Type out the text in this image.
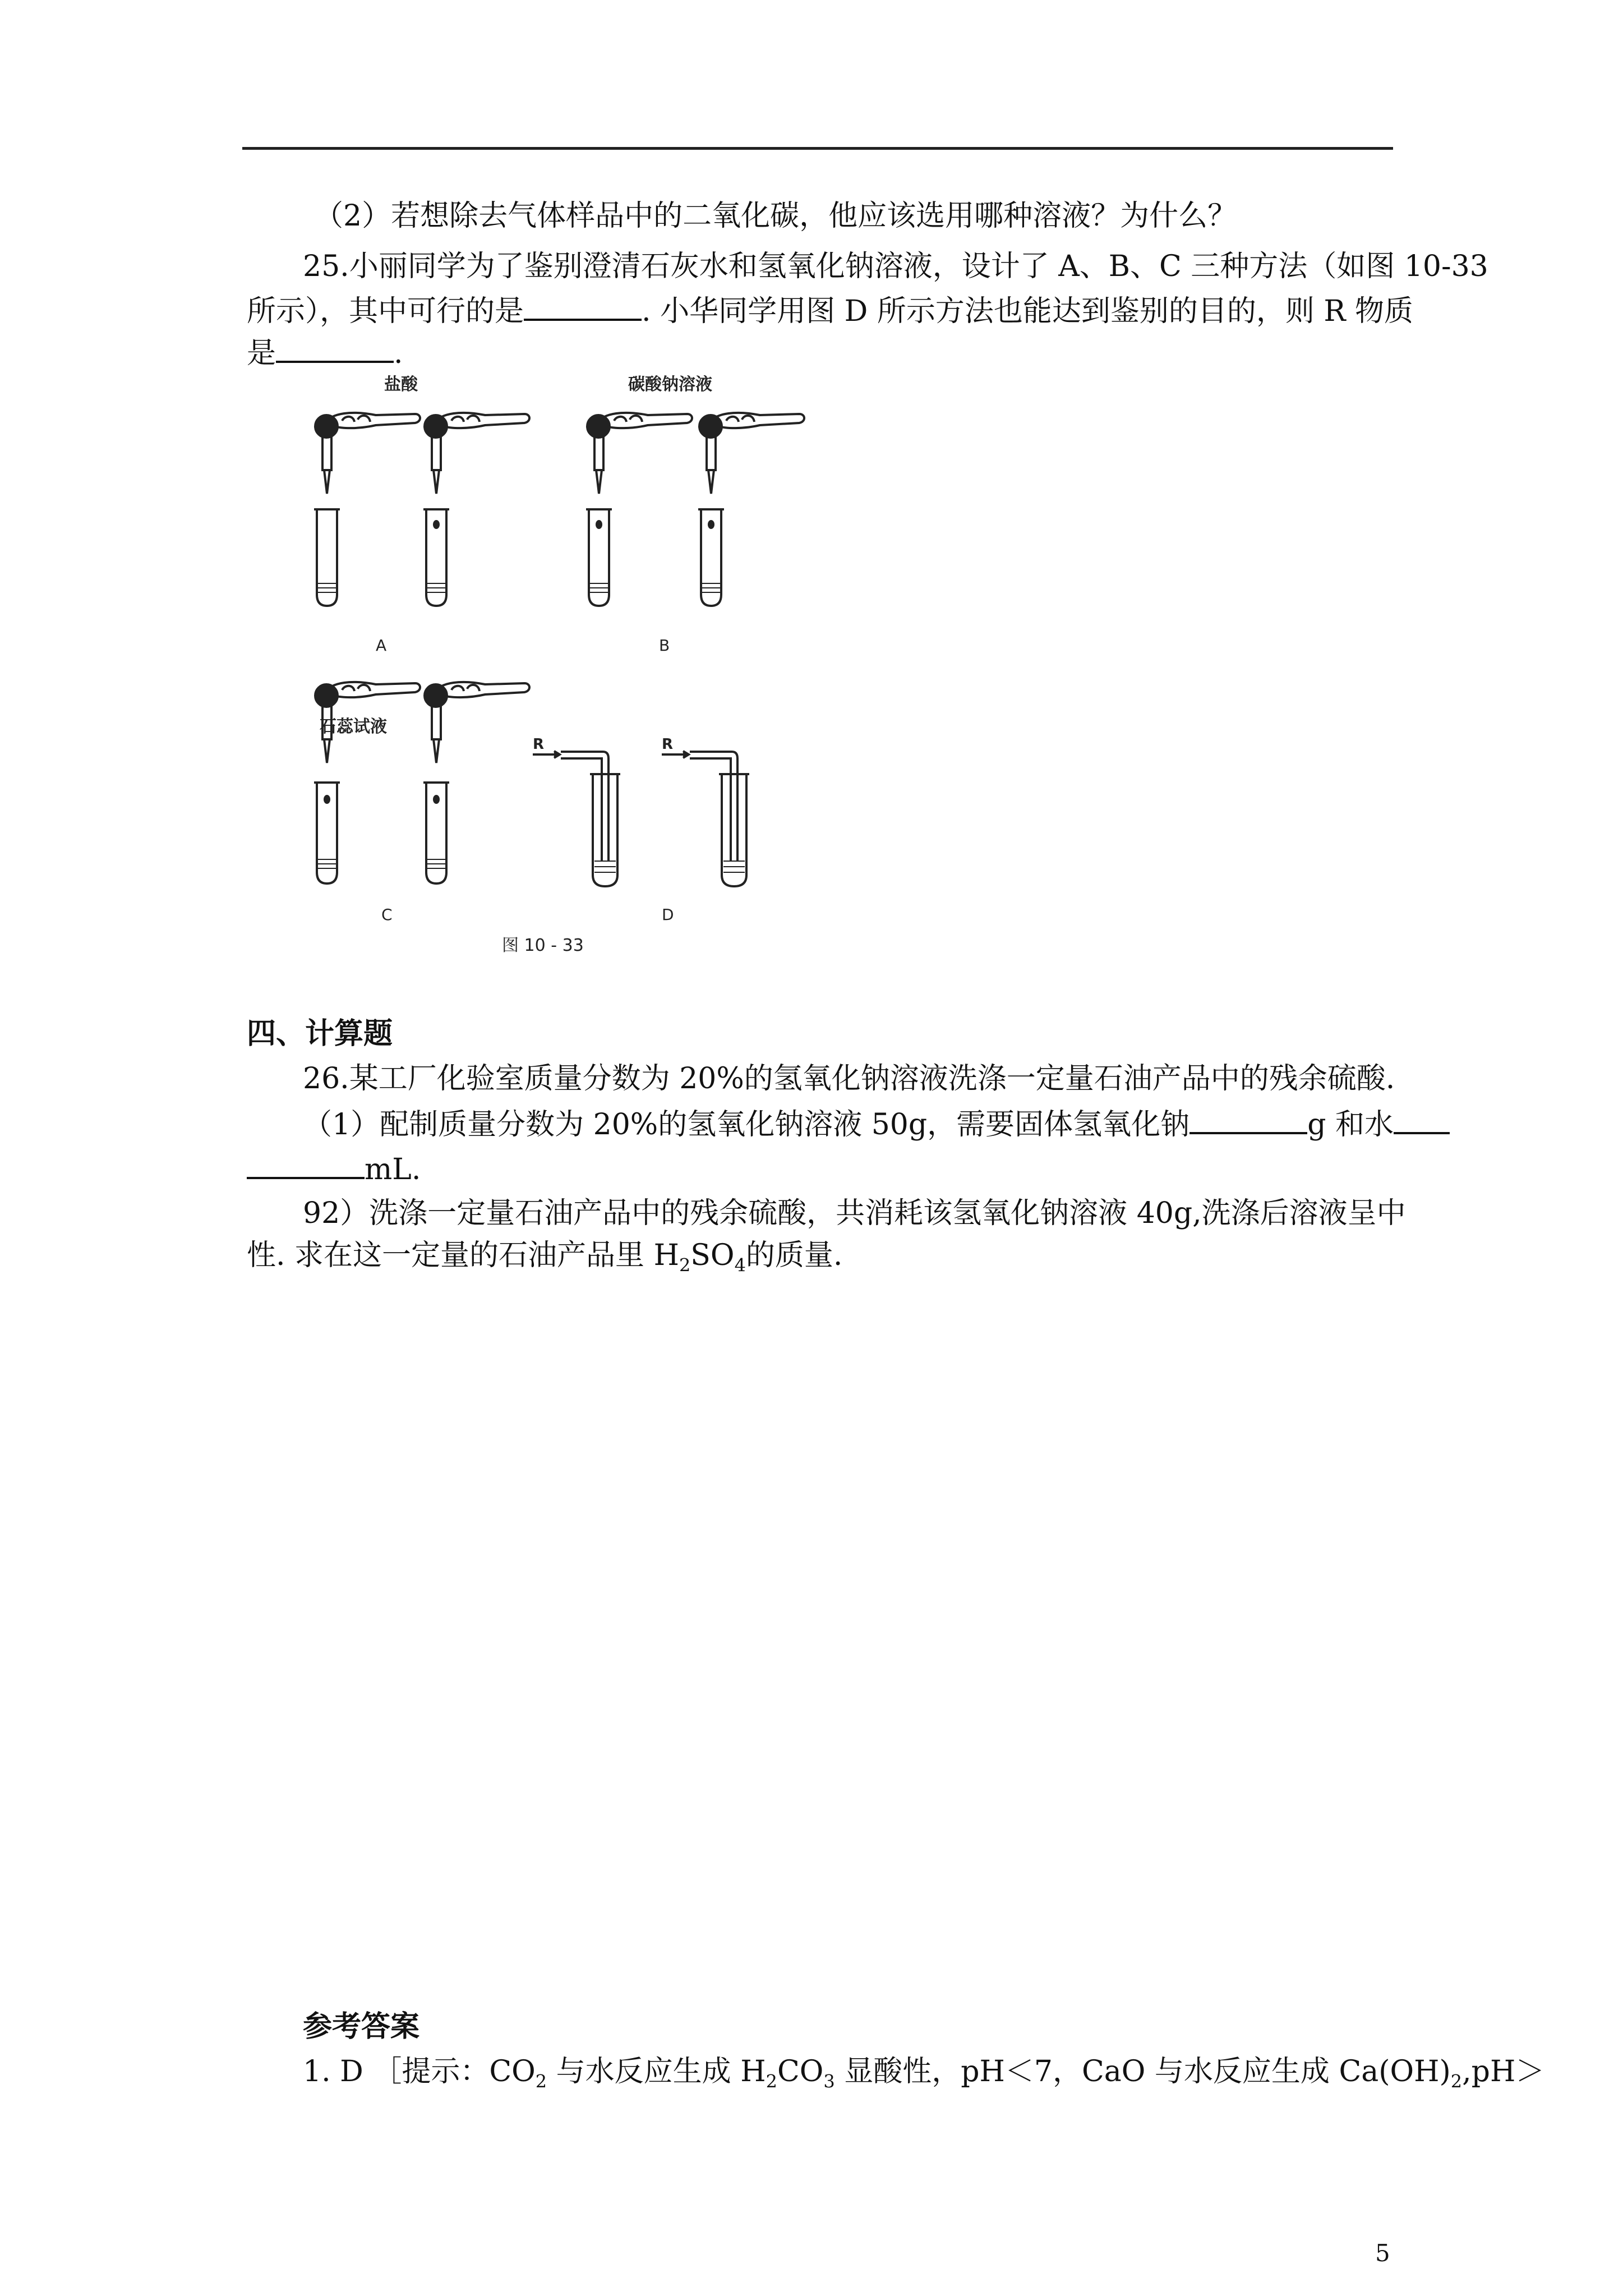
（2）若想除去气体样品中的二氧化碳，他应该选用哪种溶液？为什么？
25.小丽同学为了鉴别澄清石灰水和氢氧化钠溶液，设计了 A、B、C 三种方法（如图 10-33
所示），其中可行的是	. 小华同学用图 D 所示方法也能达到鉴别的目的，则 R 物质
是	.
盐酸	碳酸钠溶液
石蕊试液
R	R
A	B
C	D
图 10 - 33
四、计算题
26.某工厂化验室质量分数为 20%的氢氧化钠溶液洗涤一定量石油产品中的残余硫酸.
（1）配制质量分数为 20%的氢氧化钠溶液 50g，需要固体氢氧化钠	g 和水
mL.
92）洗涤一定量石油产品中的残余硫酸，共消耗该氢氧化钠溶液 40g,洗涤后溶液呈中
性. 求在这一定量的石油产品里 $H_2SO_4$的质量.
参考答案
1. D ［提示：$CO_2$ 与水反应生成 $H_2CO_3$ 显酸性，pH＜7，CaO 与水反应生成 $Ca(OH)_2,pH>$
5
